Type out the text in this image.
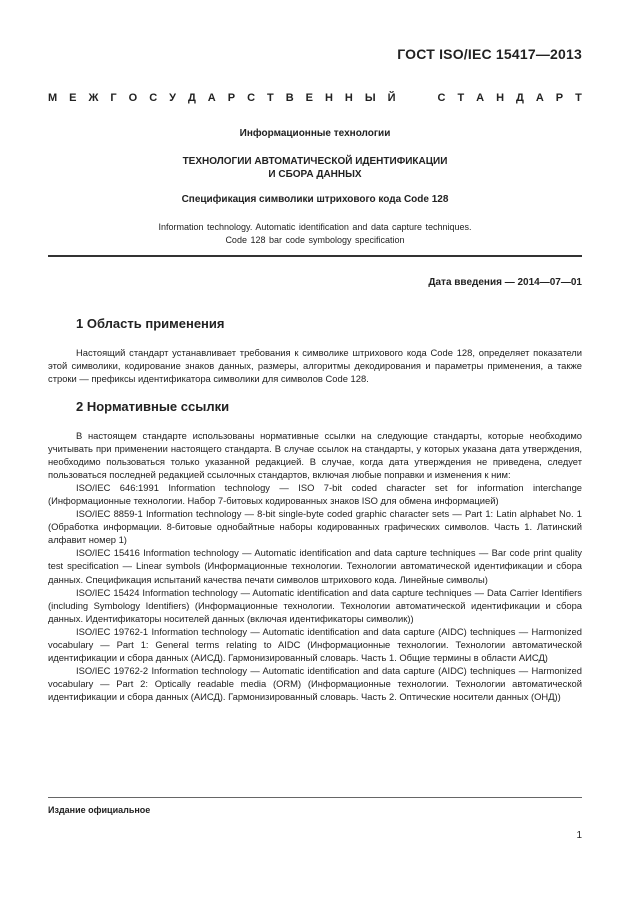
ГОСТ ISO/IEC 15417—2013
М Е Ж Г О С У Д А Р С Т В Е Н Н Ы Й	С Т А Н Д А Р Т
Информационные технологии
ТЕХНОЛОГИИ АВТОМАТИЧЕСКОЙ ИДЕНТИФИКАЦИИ
И СБОРА ДАННЫХ
Спецификация символики штрихового кода Code 128
Information technology. Automatic identification and data capture techniques.
Code 128 bar code symbology specification
Дата введения — 2014—07—01
1 Область применения

Настоящий стандарт устанавливает требования к символике штрихового кода Code 128, определяет показатели этой символики, кодирование знаков данных, размеры, алгоритмы декодирования и параметры применения, а также строки — префиксы идентификатора символики для символов Code 128.

2 Нормативные ссылки

В настоящем стандарте использованы нормативные ссылки на следующие стандарты, которые необходимо учитывать при применении настоящего стандарта. В случае ссылок на стандарты, у которых указана дата утверждения, необходимо пользоваться только указанной редакцией. В случае, когда дата утверждения не приведена, следует пользоваться последней редакцией ссылочных стандартов, включая любые поправки и изменения к ним:

ISO/IEC 646:1991 Information technology — ISO 7-bit coded character set for information interchange (Информационные технологии. Набор 7-битовых кодированных знаков ISO для обмена информацией)

ISO/IEC 8859-1 Information technology — 8-bit single-byte coded graphic character sets — Part 1: Latin alphabet No. 1 (Обработка информации. 8-битовые однобайтные наборы кодированных графических символов. Часть 1. Латинский алфавит номер 1)

ISO/IEC 15416 Information technology — Automatic identification and data capture techniques — Bar code print quality test specification — Linear symbols (Информационные технологии. Технологии автоматической идентификации и сбора данных. Спецификация испытаний качества печати символов штрихового кода. Линейные символы)

ISO/IEC 15424 Information technology — Automatic identification and data capture techniques — Data Carrier Identifiers (including Symbology Identifiers) (Информационные технологии. Технологии автоматической идентификации и сбора данных. Идентификаторы носителей данных (включая идентификаторы символик))

ISO/IEC 19762-1 Information technology — Automatic identification and data capture (AIDC) techniques — Harmonized vocabulary — Part 1: General terms relating to AIDC (Информационные технологии. Технологии автоматической идентификации и сбора данных (АИСД). Гармонизированный словарь. Часть 1. Общие термины в области АИСД)

ISO/IEC 19762-2 Information technology — Automatic identification and data capture (AIDC) techniques — Harmonized vocabulary — Part 2: Optically readable media (ORM) (Информационные технологии. Технологии автоматической идентификации и сбора данных (АИСД). Гармонизированный словарь. Часть 2. Оптические носители данных (ОНД))

Издание официальное
1
